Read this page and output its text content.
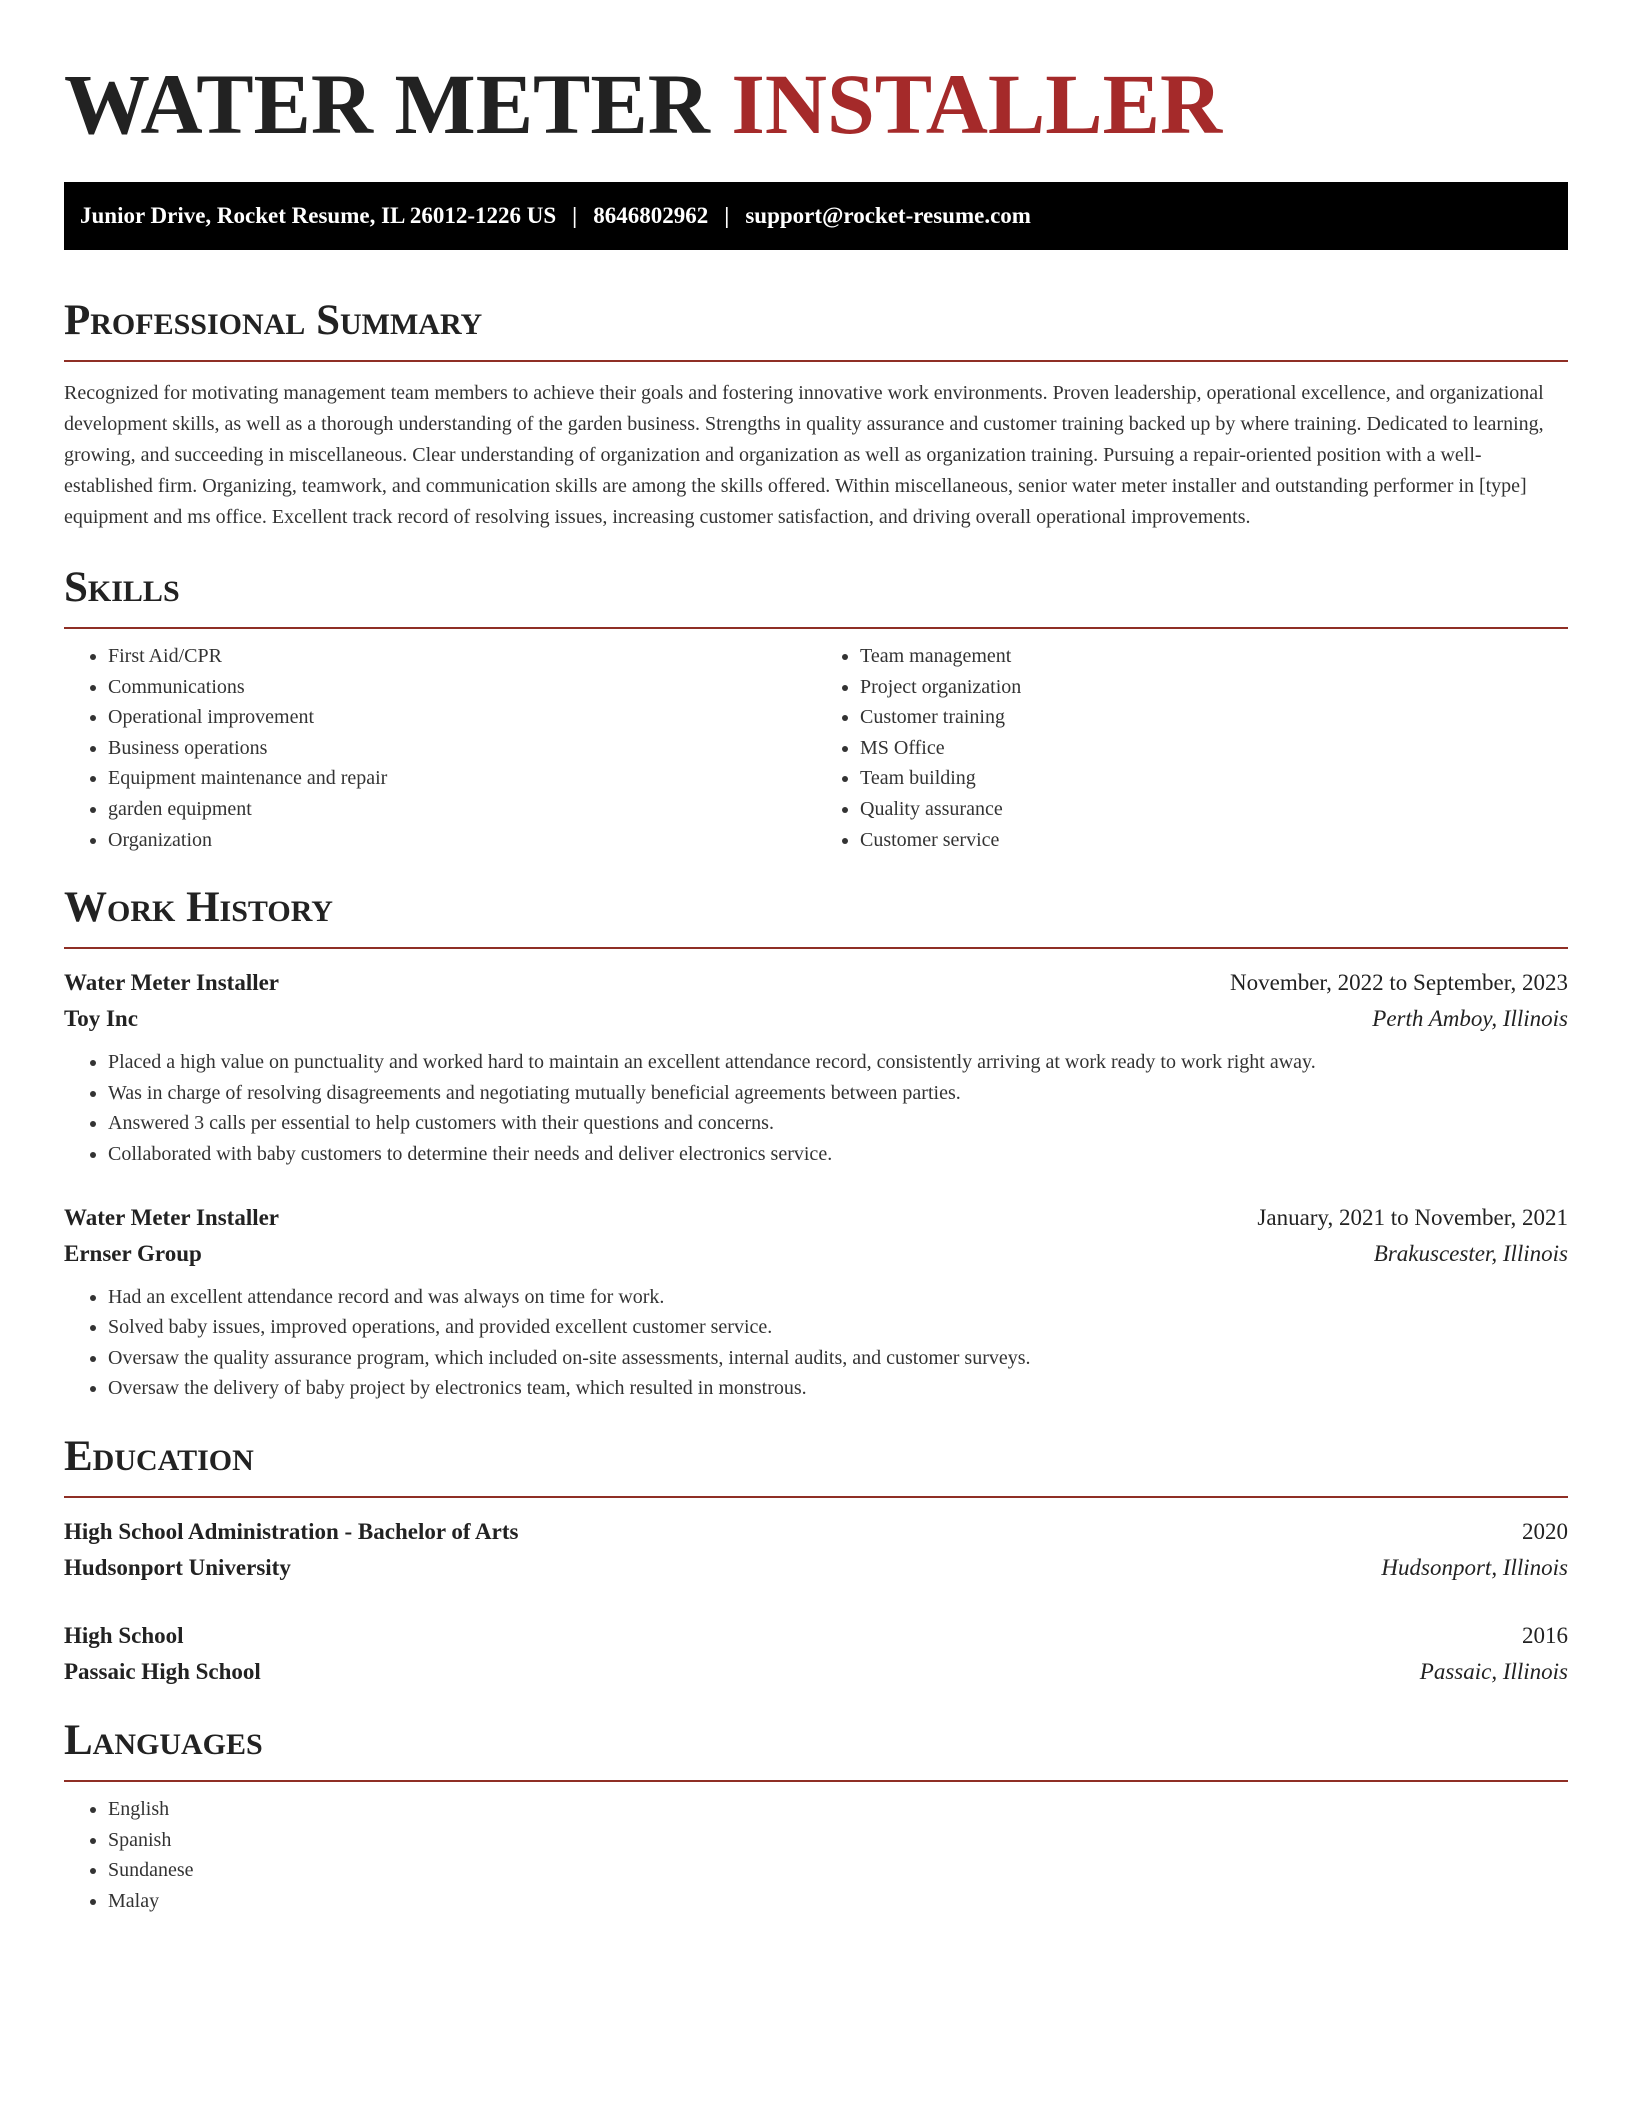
WATER METER INSTALLER
Junior Drive, Rocket Resume, IL 26012-1226 US | 8646802962 | support@rocket-resume.com
Professional Summary

Recognized for motivating management team members to achieve their goals and fostering innovative work environments. Proven leadership, operational excellence, and organizational development skills, as well as a thorough understanding of the garden business. Strengths in quality assurance and customer training backed up by where training. Dedicated to learning, growing, and succeeding in miscellaneous. Clear understanding of organization and organization as well as organization training. Pursuing a repair-oriented position with a well-established firm. Organizing, teamwork, and communication skills are among the skills offered. Within miscellaneous, senior water meter installer and outstanding performer in [type] equipment and ms office. Excellent track record of resolving issues, increasing customer satisfaction, and driving overall operational improvements.

Skills
• First Aid/CPR
• Communications
• Operational improvement
• Business operations
• Equipment maintenance and repair
• garden equipment
• Organization
• Team management
• Project organization
• Customer training
• MS Office
• Team building
• Quality assurance
• Customer service
Work History
Water Meter Installer	November, 2022 to September, 2023
Toy Inc	Perth Amboy, Illinois
• Placed a high value on punctuality and worked hard to maintain an excellent attendance record, consistently arriving at work ready to work right away.
• Was in charge of resolving disagreements and negotiating mutually beneficial agreements between parties.
• Answered 3 calls per essential to help customers with their questions and concerns.
• Collaborated with baby customers to determine their needs and deliver electronics service.
Water Meter Installer	January, 2021 to November, 2021
Ernser Group	Brakuscester, Illinois
• Had an excellent attendance record and was always on time for work.
• Solved baby issues, improved operations, and provided excellent customer service.
• Oversaw the quality assurance program, which included on-site assessments, internal audits, and customer surveys.
• Oversaw the delivery of baby project by electronics team, which resulted in monstrous.
Education
High School Administration - Bachelor of Arts	2020
Hudsonport University	Hudsonport, Illinois
High School	2016
Passaic High School	Passaic, Illinois
Languages
• English
• Spanish
• Sundanese
• Malay
